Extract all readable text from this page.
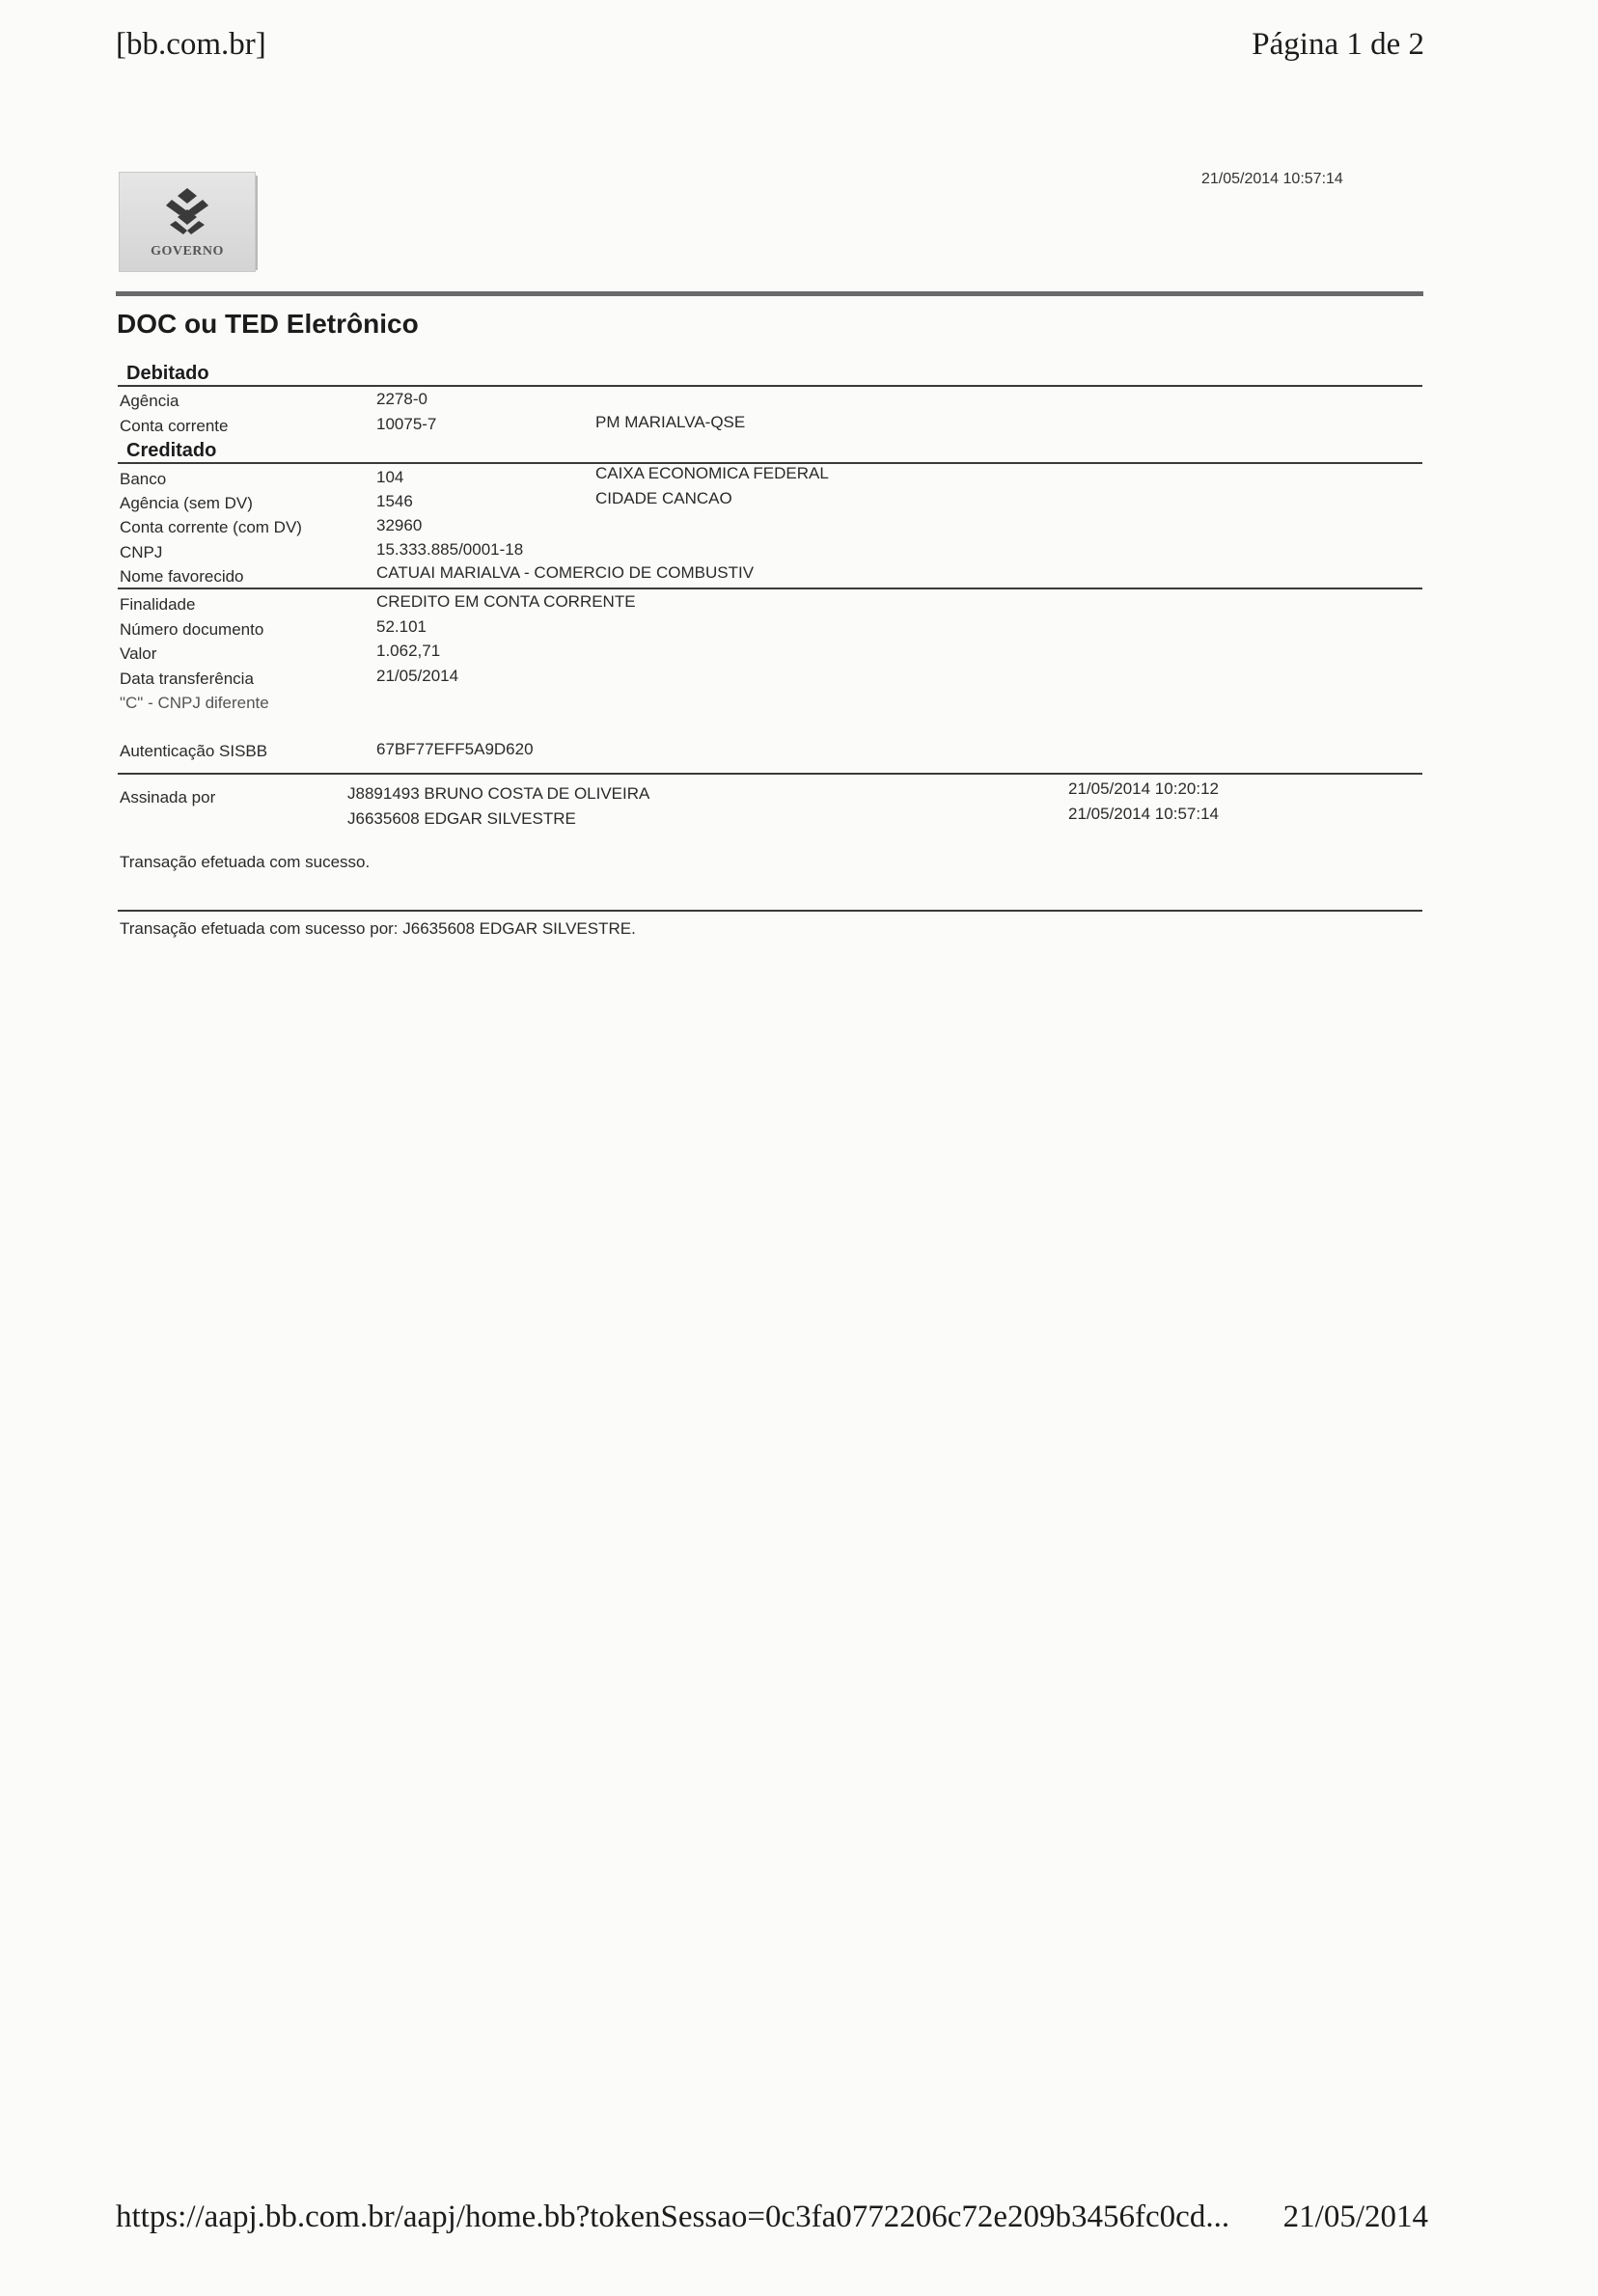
[bb.com.br]	Página 1 de 2
21/05/2014 10:57:14
GOVERNO
DOC ou TED Eletrônico
Debitado
Agência	2278-0
Conta corrente	10075-7	PM MARIALVA-QSE
Creditado
Banco	104	CAIXA ECONOMICA FEDERAL
Agência (sem DV)	1546	CIDADE CANCAO
Conta corrente (com DV)	32960
CNPJ	15.333.885/0001-18
Nome favorecido	CATUAI MARIALVA - COMERCIO DE COMBUSTIV
Finalidade	CREDITO EM CONTA CORRENTE
Número documento	52.101
Valor	1.062,71
Data transferência	21/05/2014
"C" - CNPJ diferente
Autenticação SISBB	67BF77EFF5A9D620
Assinada por	J8891493 BRUNO COSTA DE OLIVEIRA	21/05/2014 10:20:12
J6635608 EDGAR SILVESTRE	21/05/2014 10:57:14
Transação efetuada com sucesso.
Transação efetuada com sucesso por: J6635608 EDGAR SILVESTRE.
https://aapj.bb.com.br/aapj/home.bb?tokenSessao=0c3fa0772206c72e209b3456fc0cd... 21/05/2014
